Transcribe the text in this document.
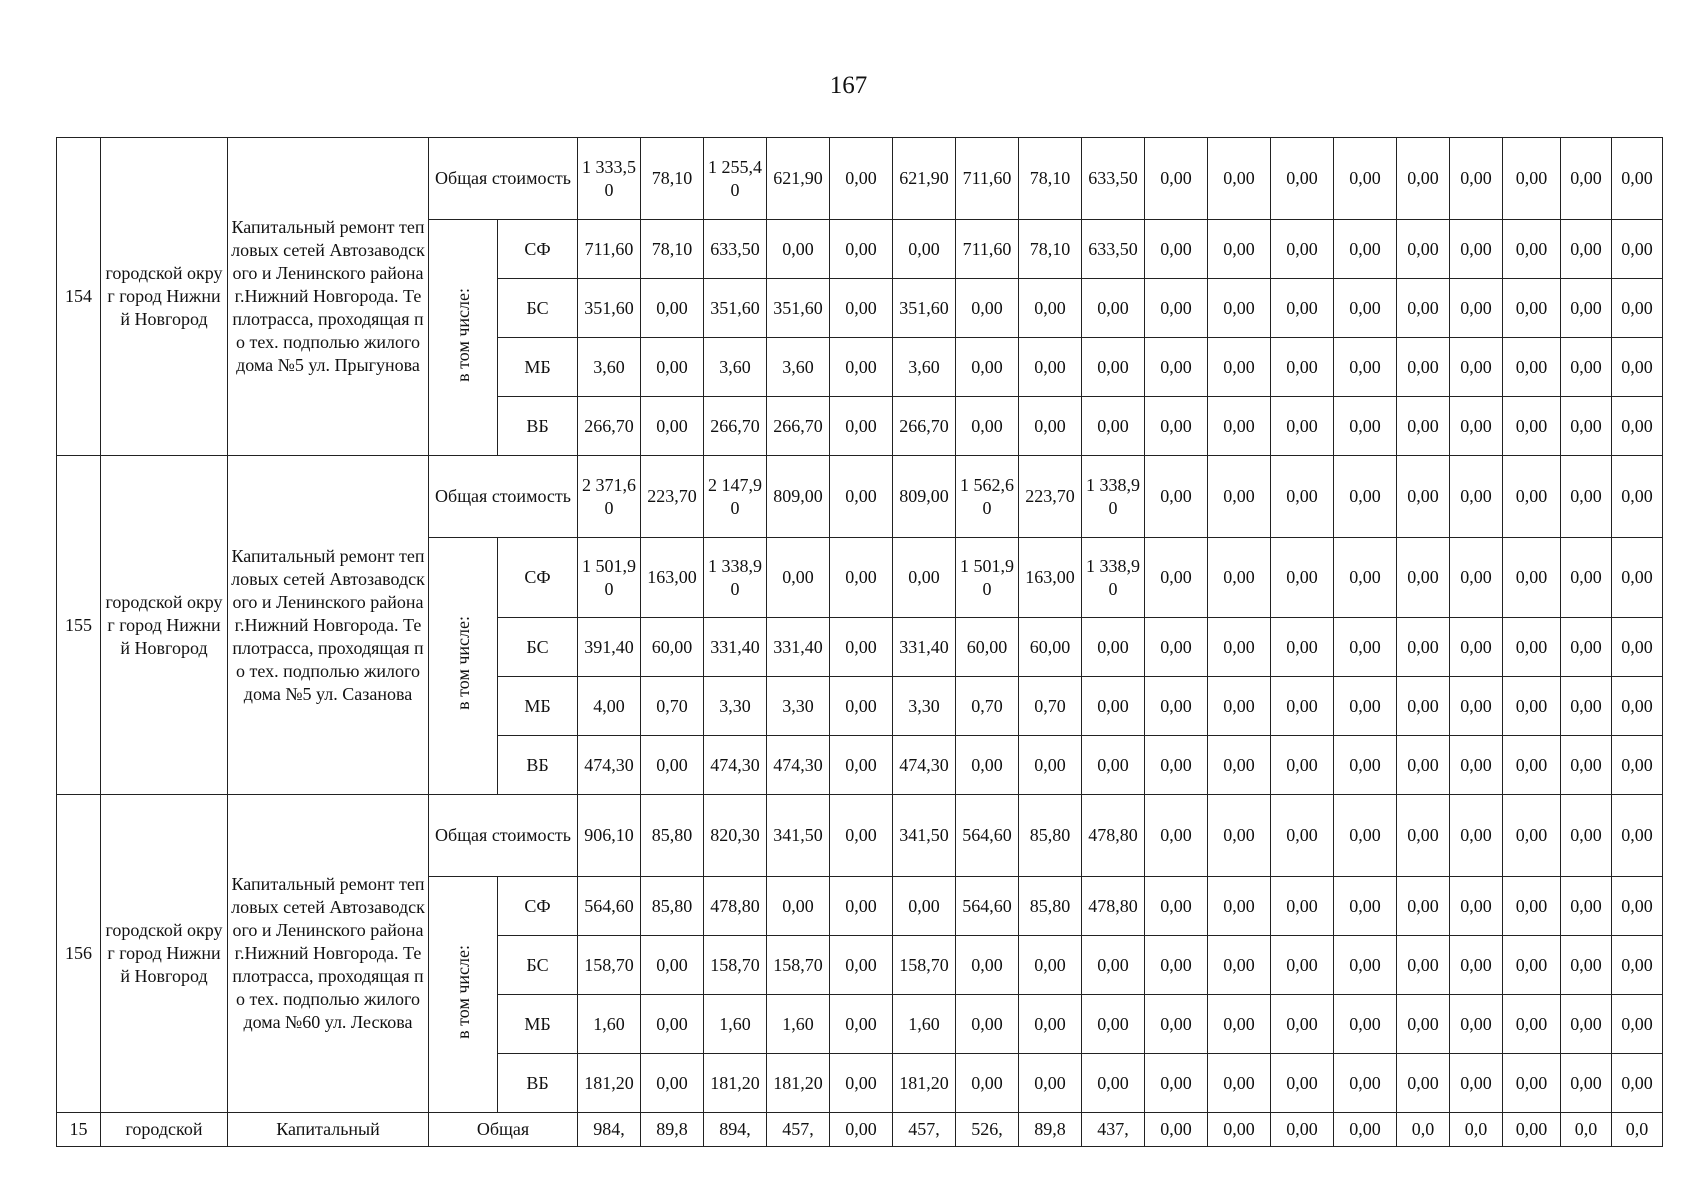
167
154	городской округ город Нижний Новгород	Капитальный ремонт тепловых сетей Автозаводского и Ленинского района г.Нижний Новгорода. Теплотрасса, проходящая по тех. подполью жилого дома №5 ул. Прыгунова	Общая стоимость		1 333,50	78,10	1 255,40	621,90	0,00	621,90	711,60	78,10	633,50	0,00	0,00	0,00	0,00	0,00	0,00	0,00	0,00	0,00
			в том числе:	СФ	711,60	78,10	633,50	0,00	0,00	0,00	711,60	78,10	633,50	0,00	0,00	0,00	0,00	0,00	0,00	0,00	0,00	0,00
				БС	351,60	0,00	351,60	351,60	0,00	351,60	0,00	0,00	0,00	0,00	0,00	0,00	0,00	0,00	0,00	0,00	0,00	0,00
				МБ	3,60	0,00	3,60	3,60	0,00	3,60	0,00	0,00	0,00	0,00	0,00	0,00	0,00	0,00	0,00	0,00	0,00	0,00
				ВБ	266,70	0,00	266,70	266,70	0,00	266,70	0,00	0,00	0,00	0,00	0,00	0,00	0,00	0,00	0,00	0,00	0,00	0,00
155	городской округ город Нижний Новгород	Капитальный ремонт тепловых сетей Автозаводского и Ленинского района г.Нижний Новгорода. Теплотрасса, проходящая по тех. подполью жилого дома №5 ул. Сазанова	Общая стоимость		2 371,60	223,70	2 147,90	809,00	0,00	809,00	1 562,60	223,70	1 338,90	0,00	0,00	0,00	0,00	0,00	0,00	0,00	0,00	0,00
			в том числе:	СФ	1 501,90	163,00	1 338,90	0,00	0,00	0,00	1 501,90	163,00	1 338,90	0,00	0,00	0,00	0,00	0,00	0,00	0,00	0,00	0,00
				БС	391,40	60,00	331,40	331,40	0,00	331,40	60,00	60,00	0,00	0,00	0,00	0,00	0,00	0,00	0,00	0,00	0,00	0,00
				МБ	4,00	0,70	3,30	3,30	0,00	3,30	0,70	0,70	0,00	0,00	0,00	0,00	0,00	0,00	0,00	0,00	0,00	0,00
				ВБ	474,30	0,00	474,30	474,30	0,00	474,30	0,00	0,00	0,00	0,00	0,00	0,00	0,00	0,00	0,00	0,00	0,00	0,00
156	городской округ город Нижний Новгород	Капитальный ремонт тепловых сетей Автозаводского и Ленинского района г.Нижний Новгорода. Теплотрасса, проходящая по тех. подполью жилого дома №60 ул. Лескова	Общая стоимость		906,10	85,80	820,30	341,50	0,00	341,50	564,60	85,80	478,80	0,00	0,00	0,00	0,00	0,00	0,00	0,00	0,00	0,00
			в том числе:	СФ	564,60	85,80	478,80	0,00	0,00	0,00	564,60	85,80	478,80	0,00	0,00	0,00	0,00	0,00	0,00	0,00	0,00	0,00
				БС	158,70	0,00	158,70	158,70	0,00	158,70	0,00	0,00	0,00	0,00	0,00	0,00	0,00	0,00	0,00	0,00	0,00	0,00
				МБ	1,60	0,00	1,60	1,60	0,00	1,60	0,00	0,00	0,00	0,00	0,00	0,00	0,00	0,00	0,00	0,00	0,00	0,00
				ВБ	181,20	0,00	181,20	181,20	0,00	181,20	0,00	0,00	0,00	0,00	0,00	0,00	0,00	0,00	0,00	0,00	0,00	0,00
15	городской	Капитальный	Общая		984,	89,8	894,	457,	0,00	457,	526,	89,8	437,	0,00	0,00	0,00	0,00	0,0	0,0	0,00	0,0	0,0
